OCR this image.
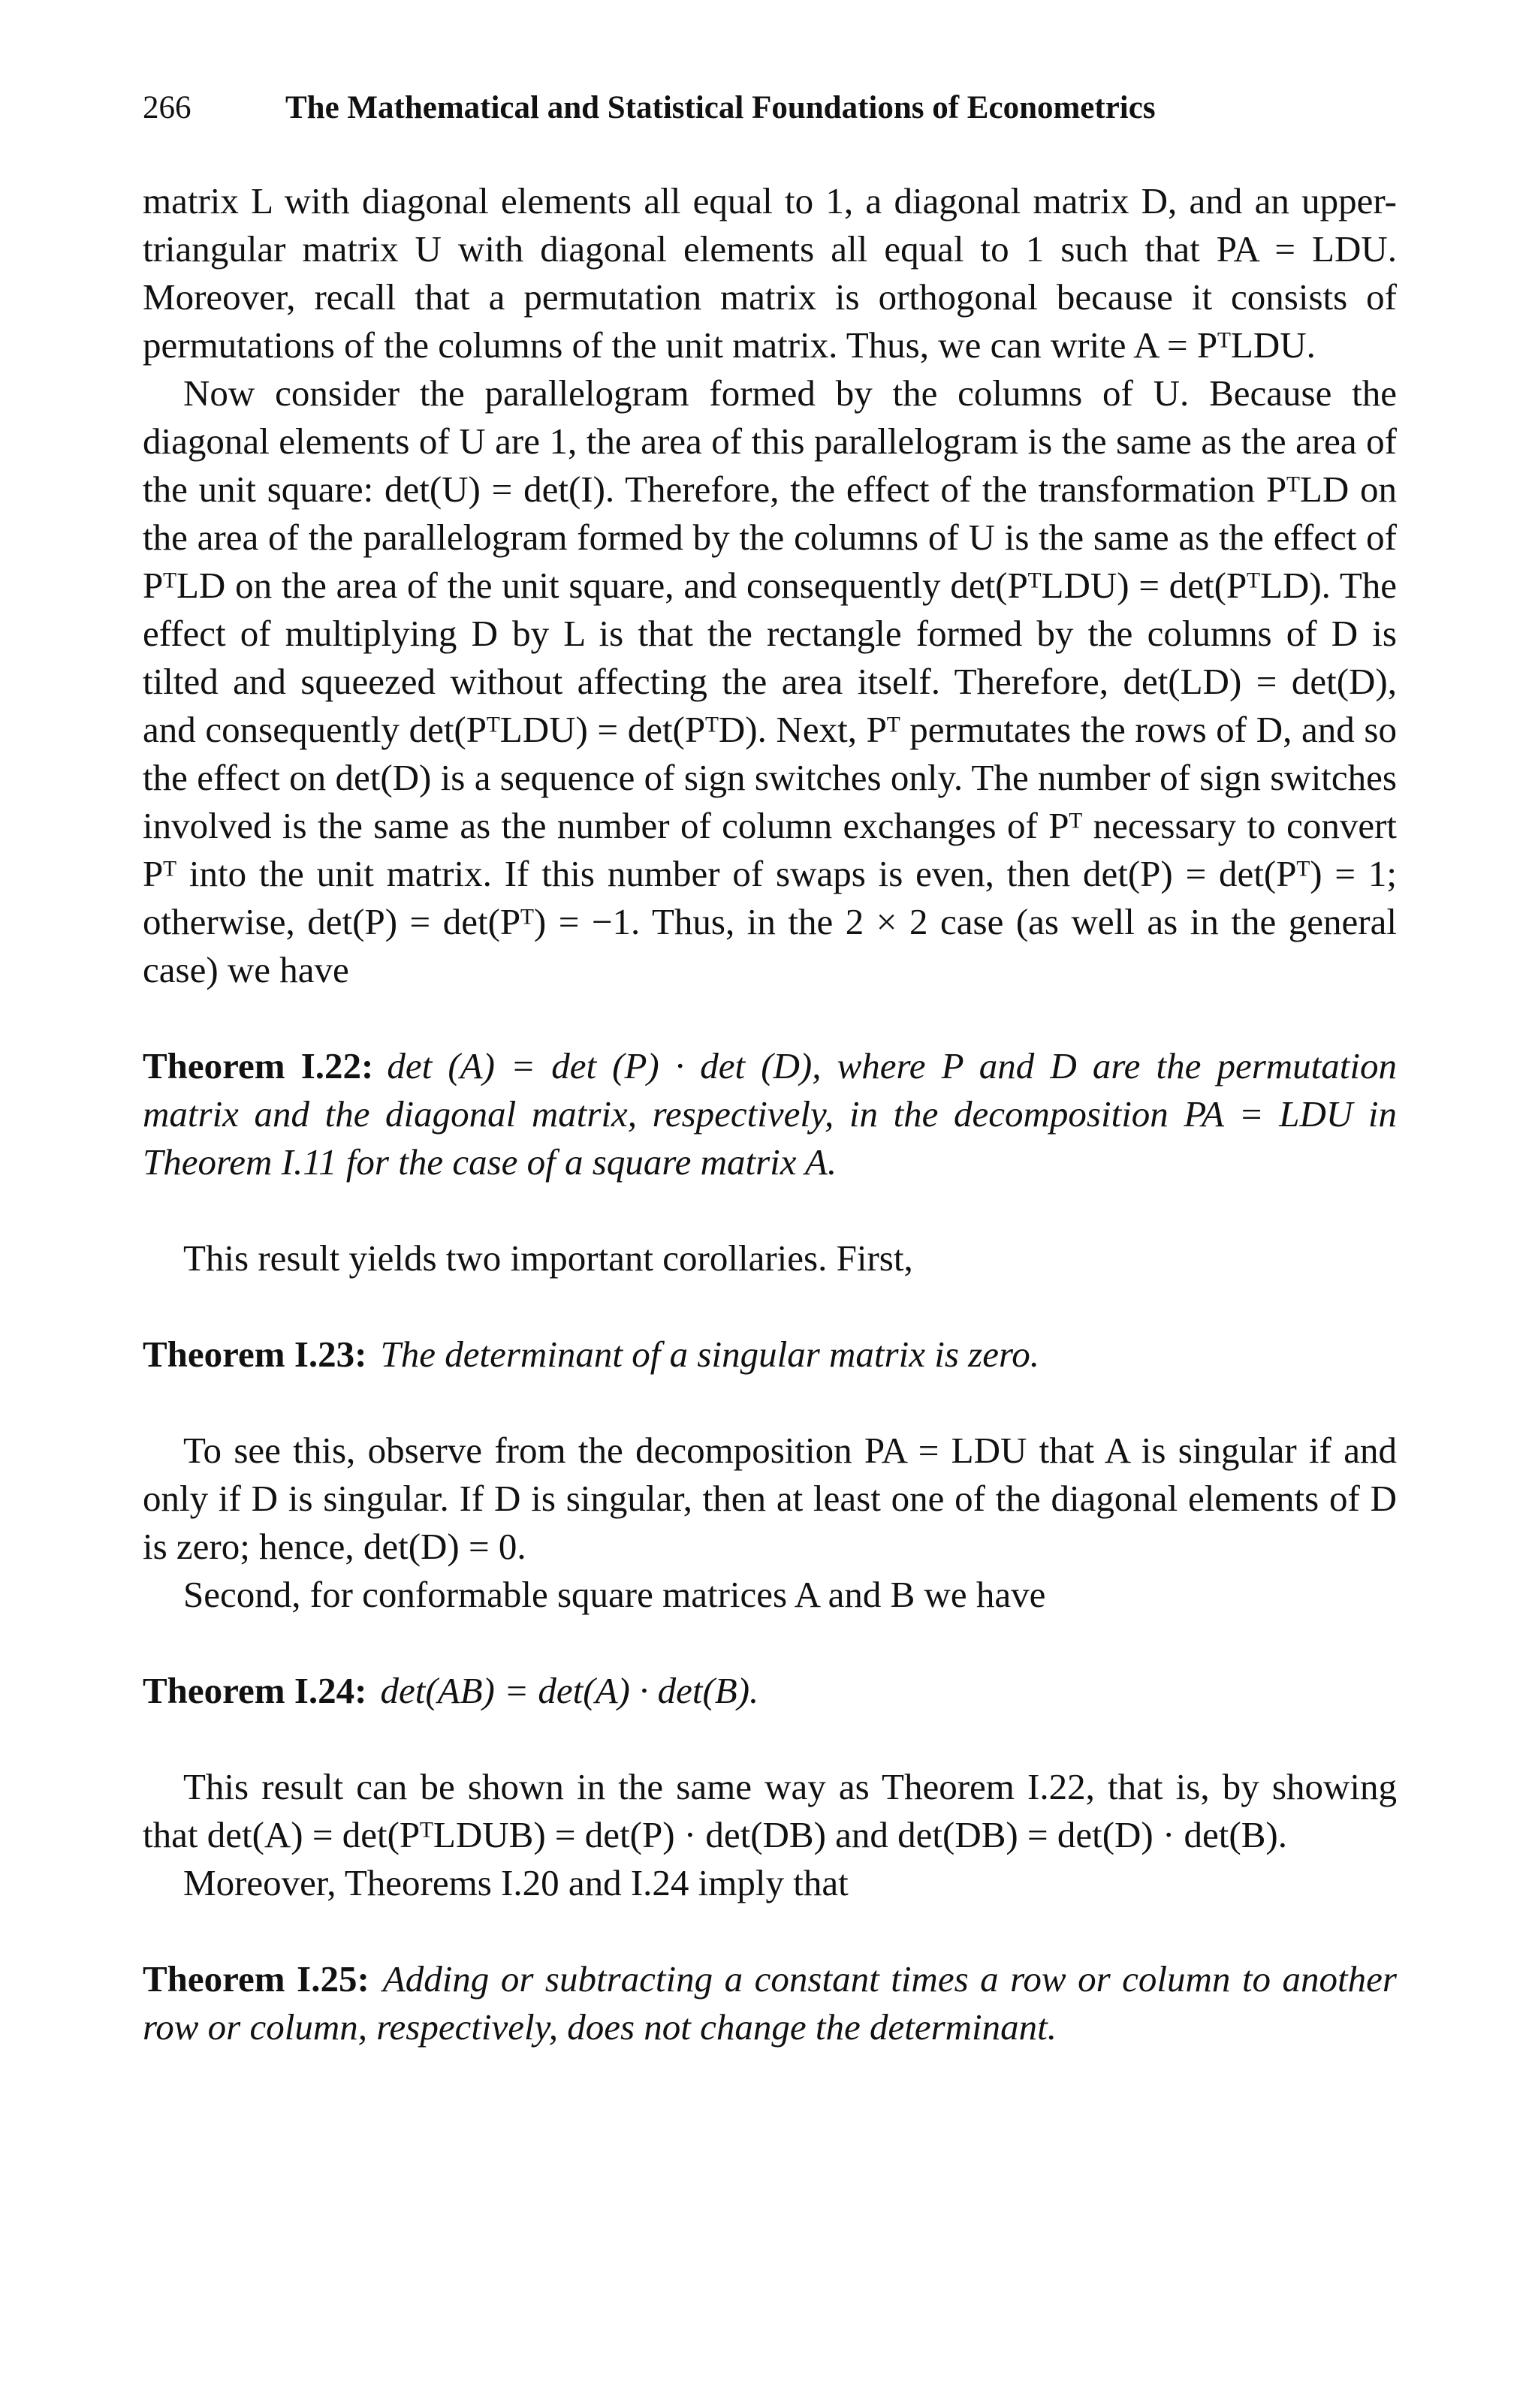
266	The Mathematical and Statistical Foundations of Econometrics

matrix L with diagonal elements all equal to 1, a diagonal matrix D, and an upper-triangular matrix U with diagonal elements all equal to 1 such that PA = LDU. Moreover, recall that a permutation matrix is orthogonal because it consists of permutations of the columns of the unit matrix. Thus, we can write A = PᵀLDU.

Now consider the parallelogram formed by the columns of U. Because the diagonal elements of U are 1, the area of this parallelogram is the same as the area of the unit square: det(U) = det(I). Therefore, the effect of the transformation PᵀLD on the area of the parallelogram formed by the columns of U is the same as the effect of PᵀLD on the area of the unit square, and consequently det(PᵀLDU) = det(PᵀLD). The effect of multiplying D by L is that the rectangle formed by the columns of D is tilted and squeezed without affecting the area itself. Therefore, det(LD) = det(D), and consequently det(PᵀLDU) = det(PᵀD). Next, Pᵀ permutates the rows of D, and so the effect on det(D) is a sequence of sign switches only. The number of sign switches involved is the same as the number of column exchanges of Pᵀ necessary to convert Pᵀ into the unit matrix. If this number of swaps is even, then det(P) = det(Pᵀ) = 1; otherwise, det(P) = det(Pᵀ) = −1. Thus, in the 2 × 2 case (as well as in the general case) we have

Theorem I.22: det (A) = det (P) · det (D), where P and D are the permutation matrix and the diagonal matrix, respectively, in the decomposition PA = LDU in Theorem I.11 for the case of a square matrix A.

This result yields two important corollaries. First,

Theorem I.23: The determinant of a singular matrix is zero.

To see this, observe from the decomposition PA = LDU that A is singular if and only if D is singular. If D is singular, then at least one of the diagonal elements of D is zero; hence, det(D) = 0.

Second, for conformable square matrices A and B we have

Theorem I.24: det(AB) = det(A) · det(B).

This result can be shown in the same way as Theorem I.22, that is, by showing that det(A) = det(PᵀLDUB) = det(P) · det(DB) and det(DB) = det(D) · det(B).

Moreover, Theorems I.20 and I.24 imply that

Theorem I.25: Adding or subtracting a constant times a row or column to another row or column, respectively, does not change the determinant.
